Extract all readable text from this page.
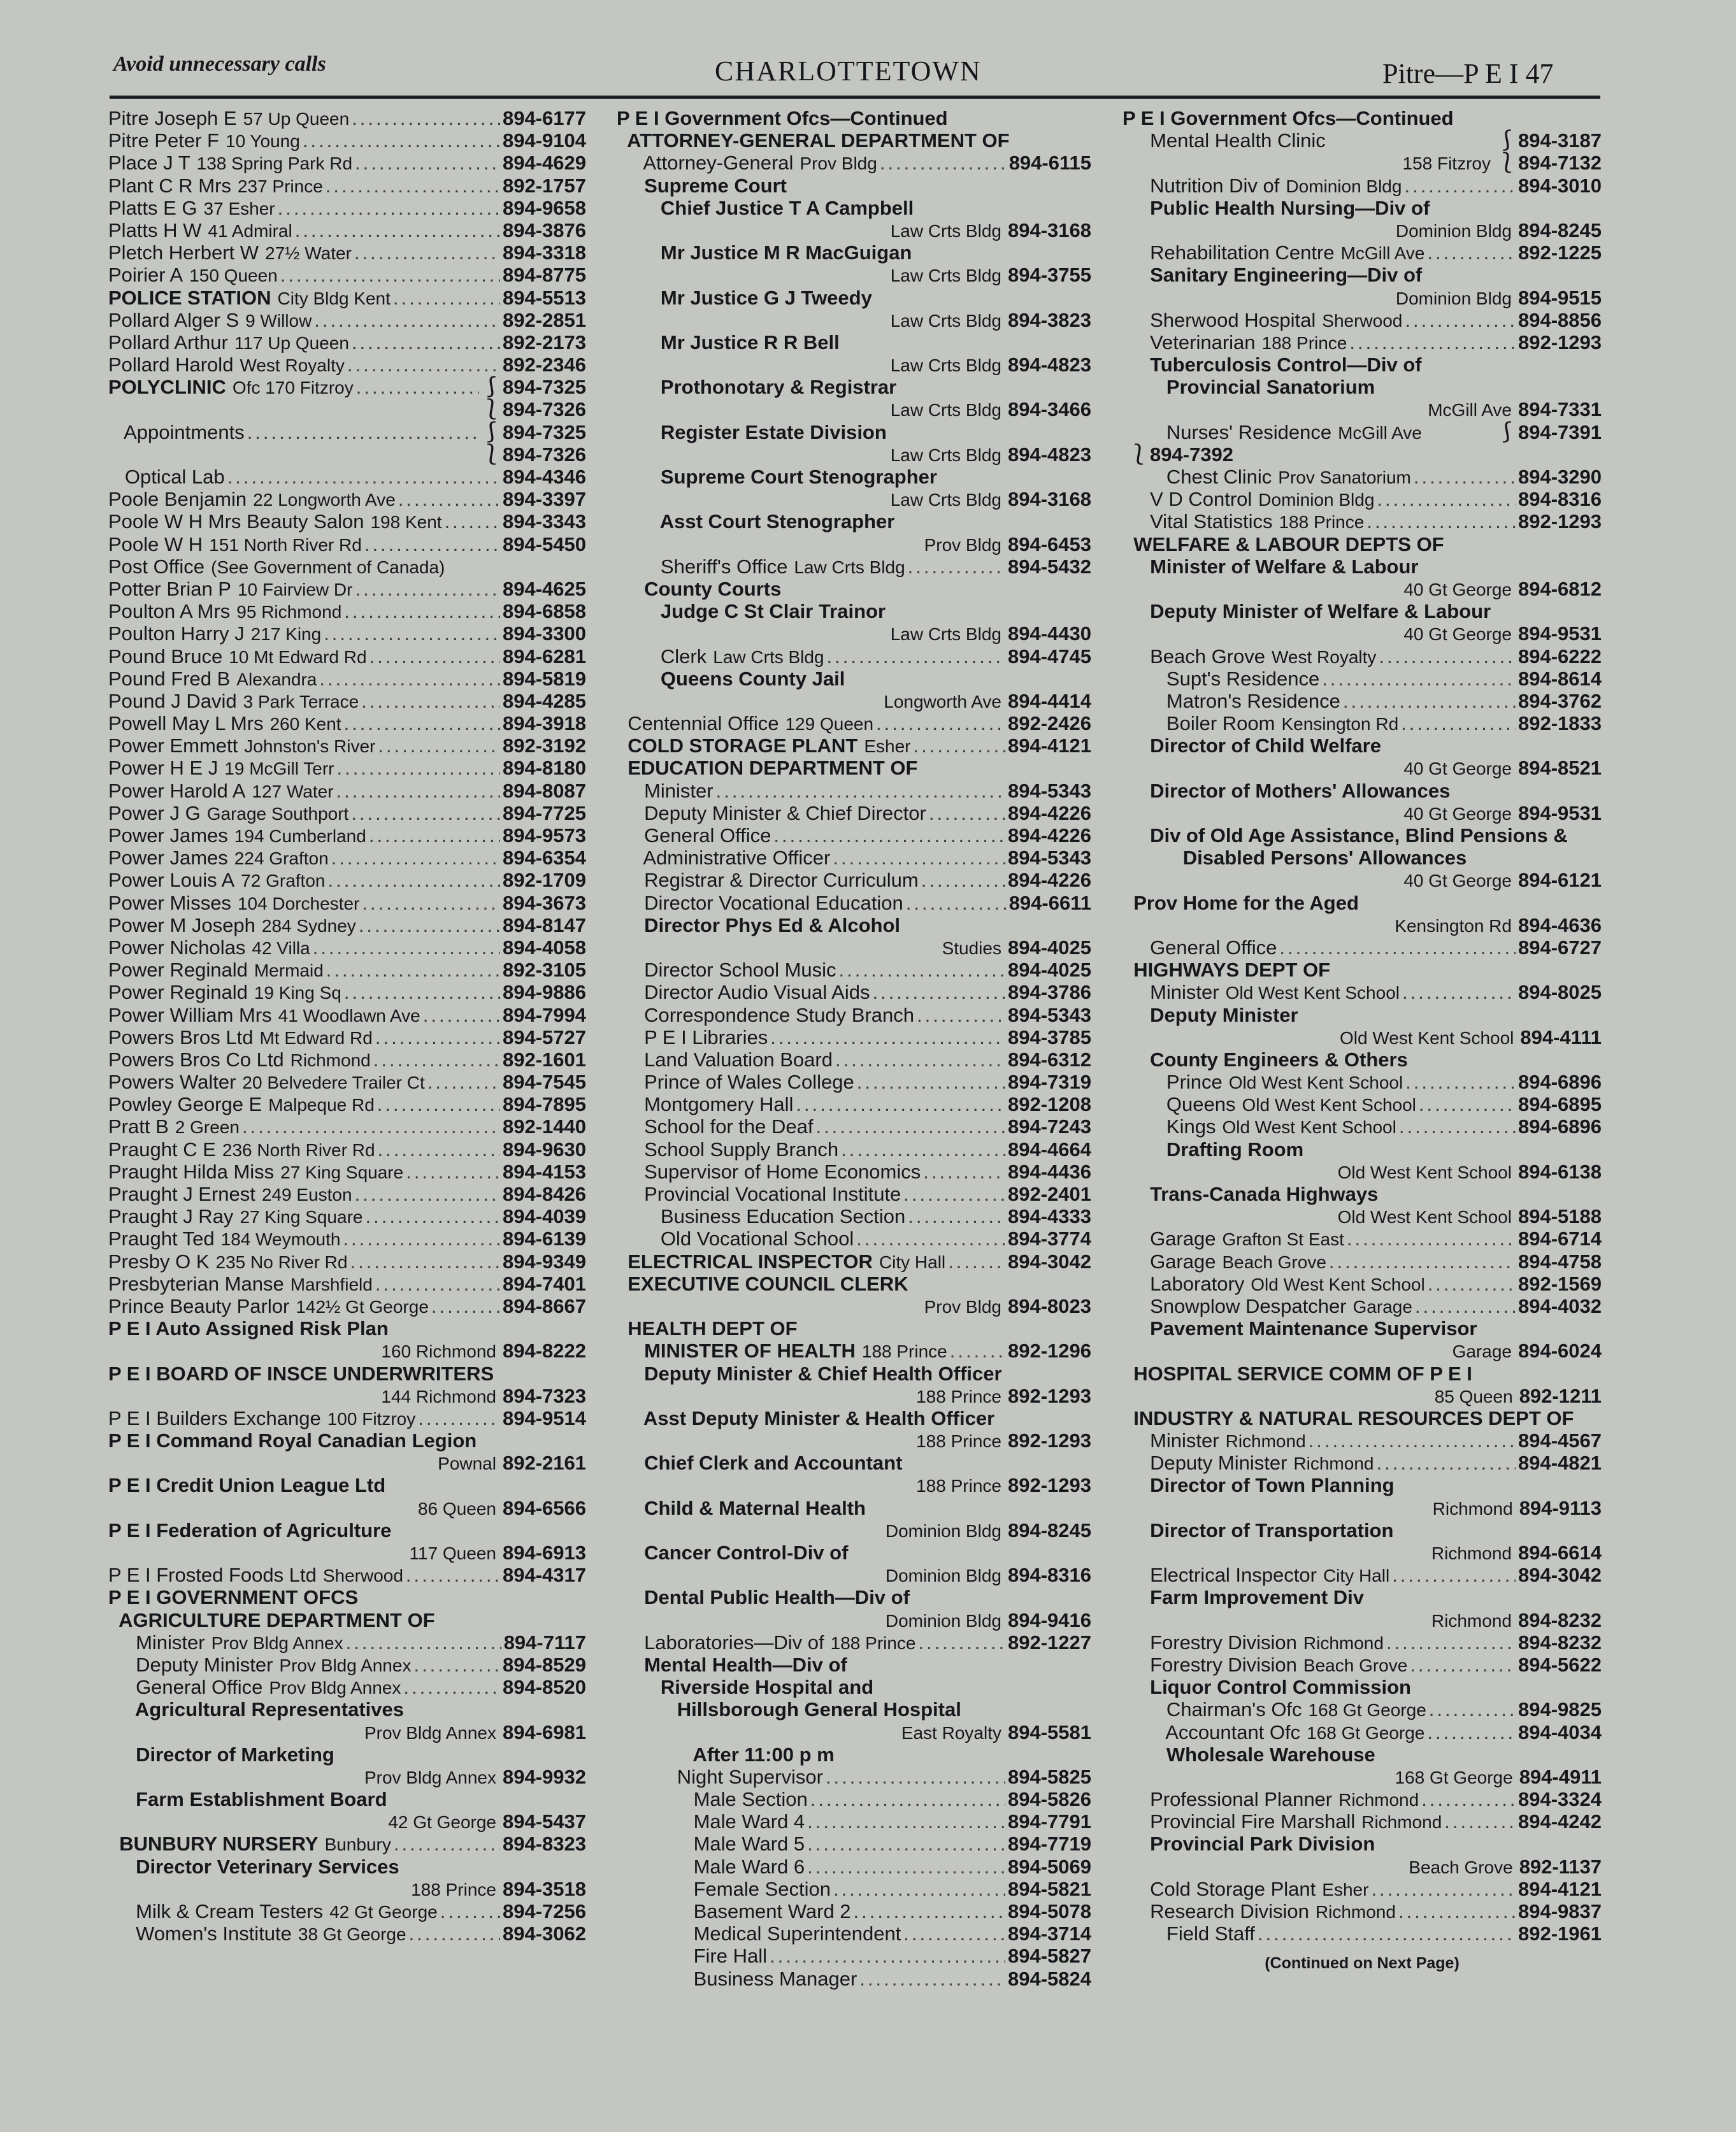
Avoid unnecessary calls	CHARLOTTETOWN	Pitre—P E I 47
Pitre Joseph E 57 Up Queen .....	894-6177
Pitre Peter F 10 Young .....	894-9104
Place J T 138 Spring Park Rd .....	894-4629
Plant C R Mrs 237 Prince .....	892-1757
Platts E G 37 Esher .....	894-9658
Platts H W 41 Admiral .....	894-3876
Pletch Herbert W 27½ Water .....	894-3318
Poirier A 150 Queen .....	894-8775
POLICE STATION City Bldg Kent .....	894-5513
Pollard Alger S 9 Willow .....	892-2851
Pollard Arthur 117 Up Queen .....	892-2173
Pollard Harold West Royalty .....	892-2346
POLYCLINIC Ofc 170 Fitzroy .....	⎰ 894-7325
⎱ 894-7326
Appointments .....	⎰ 894-7325
⎱ 894-7326
Optical Lab .....	894-4346
Poole Benjamin 22 Longworth Ave .....	894-3397
Poole W H Mrs Beauty Salon 198 Kent .....	894-3343
Poole W H 151 North River Rd .....	894-5450
Post Office (See Government of Canada)
Potter Brian P 10 Fairview Dr .....	894-4625
Poulton A Mrs 95 Richmond .....	894-6858
Poulton Harry J 217 King .....	894-3300
Pound Bruce 10 Mt Edward Rd .....	894-6281
Pound Fred B Alexandra .....	894-5819
Pound J David 3 Park Terrace .....	894-4285
Powell May L Mrs 260 Kent .....	894-3918
Power Emmett Johnston's River .....	892-3192
Power H E J 19 McGill Terr .....	894-8180
Power Harold A 127 Water .....	894-8087
Power J G Garage Southport .....	894-7725
Power James 194 Cumberland .....	894-9573
Power James 224 Grafton .....	894-6354
Power Louis A 72 Grafton .....	892-1709
Power Misses 104 Dorchester .....	894-3673
Power M Joseph 284 Sydney .....	894-8147
Power Nicholas 42 Villa .....	894-4058
Power Reginald Mermaid .....	892-3105
Power Reginald 19 King Sq .....	894-9886
Power William Mrs 41 Woodlawn Ave .....	894-7994
Powers Bros Ltd Mt Edward Rd .....	894-5727
Powers Bros Co Ltd Richmond .....	892-1601
Powers Walter 20 Belvedere Trailer Ct .....	894-7545
Powley George E Malpeque Rd .....	894-7895
Pratt B 2 Green .....	892-1440
Praught C E 236 North River Rd .....	894-9630
Praught Hilda Miss 27 King Square .....	894-4153
Praught J Ernest 249 Euston .....	894-8426
Praught J Ray 27 King Square .....	894-4039
Praught Ted 184 Weymouth .....	894-6139
Presby O K 235 No River Rd .....	894-9349
Presbyterian Manse Marshfield .....	894-7401
Prince Beauty Parlor 142½ Gt George .....	894-8667
P E I Auto Assigned Risk Plan
160 Richmond 894-8222
P E I BOARD OF INSCE UNDERWRITERS
144 Richmond 894-7323
P E I Builders Exchange 100 Fitzroy .....	894-9514
P E I Command Royal Canadian Legion
Pownal 892-2161
P E I Credit Union League Ltd
86 Queen 894-6566
P E I Federation of Agriculture
117 Queen 894-6913
P E I Frosted Foods Ltd Sherwood .....	894-4317
P E I GOVERNMENT OFCS
AGRICULTURE DEPARTMENT OF
Minister Prov Bldg Annex .....	894-7117
Deputy Minister Prov Bldg Annex .....	894-8529
General Office Prov Bldg Annex .....	894-8520
Agricultural Representatives
Prov Bldg Annex 894-6981
Director of Marketing
Prov Bldg Annex 894-9932
Farm Establishment Board
42 Gt George 894-5437
BUNBURY NURSERY Bunbury .....	894-8323
Director Veterinary Services
188 Prince 894-3518
Milk & Cream Testers 42 Gt George .....	894-7256
Women's Institute 38 Gt George .....	894-3062
P E I Government Ofcs—Continued
ATTORNEY-GENERAL DEPARTMENT OF
Attorney-General Prov Bldg .....	894-6115
Supreme Court
Chief Justice T A Campbell
Law Crts Bldg 894-3168
Mr Justice M R MacGuigan
Law Crts Bldg 894-3755
Mr Justice G J Tweedy
Law Crts Bldg 894-3823
Mr Justice R R Bell
Law Crts Bldg 894-4823
Prothonotary & Registrar
Law Crts Bldg 894-3466
Register Estate Division
Law Crts Bldg 894-4823
Supreme Court Stenographer
Law Crts Bldg 894-3168
Asst Court Stenographer
Prov Bldg 894-6453
Sheriff's Office Law Crts Bldg .....	894-5432
County Courts
Judge C St Clair Trainor
Law Crts Bldg 894-4430
Clerk Law Crts Bldg .....	894-4745
Queens County Jail
Longworth Ave 894-4414
Centennial Office 129 Queen .....	892-2426
COLD STORAGE PLANT Esher .....	894-4121
EDUCATION DEPARTMENT OF
Minister .....	894-5343
Deputy Minister & Chief Director .....	894-4226
General Office .....	894-4226
Administrative Officer .....	894-5343
Registrar & Director Curriculum .....	894-4226
Director Vocational Education .....	894-6611
Director Phys Ed & Alcohol
Studies 894-4025
Director School Music .....	894-4025
Director Audio Visual Aids .....	894-3786
Correspondence Study Branch .....	894-5343
P E I Libraries .....	894-3785
Land Valuation Board .....	894-6312
Prince of Wales College .....	894-7319
Montgomery Hall .....	892-1208
School for the Deaf .....	894-7243
School Supply Branch .....	894-4664
Supervisor of Home Economics .....	894-4436
Provincial Vocational Institute .....	892-2401
Business Education Section .....	894-4333
Old Vocational School .....	894-3774
ELECTRICAL INSPECTOR City Hall .....	894-3042
EXECUTIVE COUNCIL CLERK
Prov Bldg 894-8023
HEALTH DEPT OF
MINISTER OF HEALTH 188 Prince .....	892-1296
Deputy Minister & Chief Health Officer
188 Prince 892-1293
Asst Deputy Minister & Health Officer
188 Prince 892-1293
Chief Clerk and Accountant
188 Prince 892-1293
Child & Maternal Health
Dominion Bldg 894-8245
Cancer Control-Div of
Dominion Bldg 894-8316
Dental Public Health—Div of
Dominion Bldg 894-9416
Laboratories—Div of 188 Prince .....	892-1227
Mental Health—Div of
Riverside Hospital and
Hillsborough General Hospital
East Royalty 894-5581
After 11:00 p m
Night Supervisor .....	894-5825
Male Section .....	894-5826
Male Ward 4 .....	894-7791
Male Ward 5 .....	894-7719
Male Ward 6 .....	894-5069
Female Section .....	894-5821
Basement Ward 2 .....	894-5078
Medical Superintendent .....	894-3714
Fire Hall .....	894-5827
Business Manager .....	894-5824
P E I Government Ofcs—Continued
Mental Health Clinic	⎰ 894-3187
158 Fitzroy ⎱ 894-7132
Nutrition Div of Dominion Bldg .....	894-3010
Public Health Nursing—Div of
Dominion Bldg 894-8245
Rehabilitation Centre McGill Ave .....	892-1225
Sanitary Engineering—Div of
Dominion Bldg 894-9515
Sherwood Hospital Sherwood .....	894-8856
Veterinarian 188 Prince .....	892-1293
Tuberculosis Control—Div of
Provincial Sanatorium
McGill Ave 894-7331
Nurses' Residence McGill Ave	⎰ 894-7391
⎱ 894-7392
Chest Clinic Prov Sanatorium .....	894-3290
V D Control Dominion Bldg .....	894-8316
Vital Statistics 188 Prince .....	892-1293
WELFARE & LABOUR DEPTS OF
Minister of Welfare & Labour
40 Gt George 894-6812
Deputy Minister of Welfare & Labour
40 Gt George 894-9531
Beach Grove West Royalty .....	894-6222
Supt's Residence .....	894-8614
Matron's Residence .....	894-3762
Boiler Room Kensington Rd .....	892-1833
Director of Child Welfare
40 Gt George 894-8521
Director of Mothers' Allowances
40 Gt George 894-9531
Div of Old Age Assistance, Blind Pensions &
Disabled Persons' Allowances
40 Gt George 894-6121
Prov Home for the Aged
Kensington Rd 894-4636
General Office .....	894-6727
HIGHWAYS DEPT OF
Minister Old West Kent School .....	894-8025
Deputy Minister
Old West Kent School 894-4111
County Engineers & Others
Prince Old West Kent School .....	894-6896
Queens Old West Kent School .....	894-6895
Kings Old West Kent School .....	894-6896
Drafting Room
Old West Kent School 894-6138
Trans-Canada Highways
Old West Kent School 894-5188
Garage Grafton St East .....	894-6714
Garage Beach Grove .....	894-4758
Laboratory Old West Kent School .....	892-1569
Snowplow Despatcher Garage .....	894-4032
Pavement Maintenance Supervisor
Garage 894-6024
HOSPITAL SERVICE COMM OF P E I
85 Queen 892-1211
INDUSTRY & NATURAL RESOURCES DEPT OF
Minister Richmond .....	894-4567
Deputy Minister Richmond .....	894-4821
Director of Town Planning
Richmond 894-9113
Director of Transportation
Richmond 894-6614
Electrical Inspector City Hall .....	894-3042
Farm Improvement Div
Richmond 894-8232
Forestry Division Richmond .....	894-8232
Forestry Division Beach Grove .....	894-5622
Liquor Control Commission
Chairman's Ofc 168 Gt George .....	894-9825
Accountant Ofc 168 Gt George .....	894-4034
Wholesale Warehouse
168 Gt George 894-4911
Professional Planner Richmond .....	894-3324
Provincial Fire Marshall Richmond .....	894-4242
Provincial Park Division
Beach Grove 892-1137
Cold Storage Plant Esher .....	894-4121
Research Division Richmond .....	894-9837
Field Staff .....	892-1961
(Continued on Next Page)
